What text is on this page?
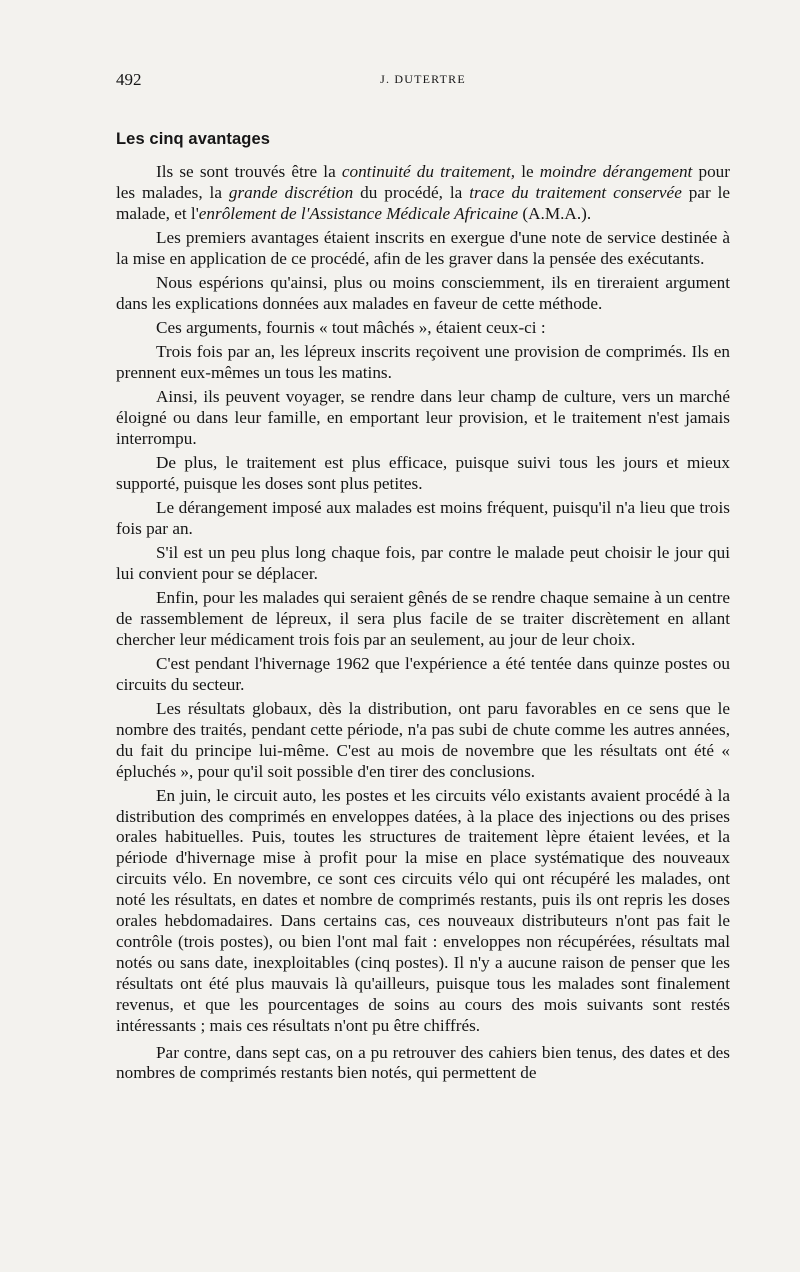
492	J. DUTERTRE
Les cinq avantages

Ils se sont trouvés être la continuité du traitement, le moindre dérangement pour les malades, la grande discrétion du procédé, la trace du traitement conservée par le malade, et l'enrôlement de l'Assistance Médicale Africaine (A.M.A.).

Les premiers avantages étaient inscrits en exergue d'une note de service destinée à la mise en application de ce procédé, afin de les graver dans la pensée des exécutants.

Nous espérions qu'ainsi, plus ou moins consciemment, ils en tireraient argument dans les explications données aux malades en faveur de cette méthode.

Ces arguments, fournis « tout mâchés », étaient ceux-ci :

Trois fois par an, les lépreux inscrits reçoivent une provision de comprimés. Ils en prennent eux-mêmes un tous les matins.

Ainsi, ils peuvent voyager, se rendre dans leur champ de culture, vers un marché éloigné ou dans leur famille, en emportant leur provision, et le traitement n'est jamais interrompu.

De plus, le traitement est plus efficace, puisque suivi tous les jours et mieux supporté, puisque les doses sont plus petites.

Le dérangement imposé aux malades est moins fréquent, puisqu'il n'a lieu que trois fois par an.

S'il est un peu plus long chaque fois, par contre le malade peut choisir le jour qui lui convient pour se déplacer.

Enfin, pour les malades qui seraient gênés de se rendre chaque semaine à un centre de rassemblement de lépreux, il sera plus facile de se traiter discrètement en allant chercher leur médicament trois fois par an seulement, au jour de leur choix.

C'est pendant l'hivernage 1962 que l'expérience a été tentée dans quinze postes ou circuits du secteur.

Les résultats globaux, dès la distribution, ont paru favorables en ce sens que le nombre des traités, pendant cette période, n'a pas subi de chute comme les autres années, du fait du principe lui-même. C'est au mois de novembre que les résultats ont été « épluchés », pour qu'il soit possible d'en tirer des conclusions.

En juin, le circuit auto, les postes et les circuits vélo existants avaient procédé à la distribution des comprimés en enveloppes datées, à la place des injections ou des prises orales habituelles. Puis, toutes les structures de traitement lèpre étaient levées, et la période d'hivernage mise à profit pour la mise en place systématique des nouveaux circuits vélo. En novembre, ce sont ces circuits vélo qui ont récupéré les malades, ont noté les résultats, en dates et nombre de comprimés restants, puis ils ont repris les doses orales hebdomadaires. Dans certains cas, ces nouveaux distributeurs n'ont pas fait le contrôle (trois postes), ou bien l'ont mal fait : enveloppes non récupérées, résultats mal notés ou sans date, inexploitables (cinq postes). Il n'y a aucune raison de penser que les résultats ont été plus mauvais là qu'ailleurs, puisque tous les malades sont finalement revenus, et que les pourcentages de soins au cours des mois suivants sont restés intéressants ; mais ces résultats n'ont pu être chiffrés.

Par contre, dans sept cas, on a pu retrouver des cahiers bien tenus, des dates et des nombres de comprimés restants bien notés, qui permettent de
